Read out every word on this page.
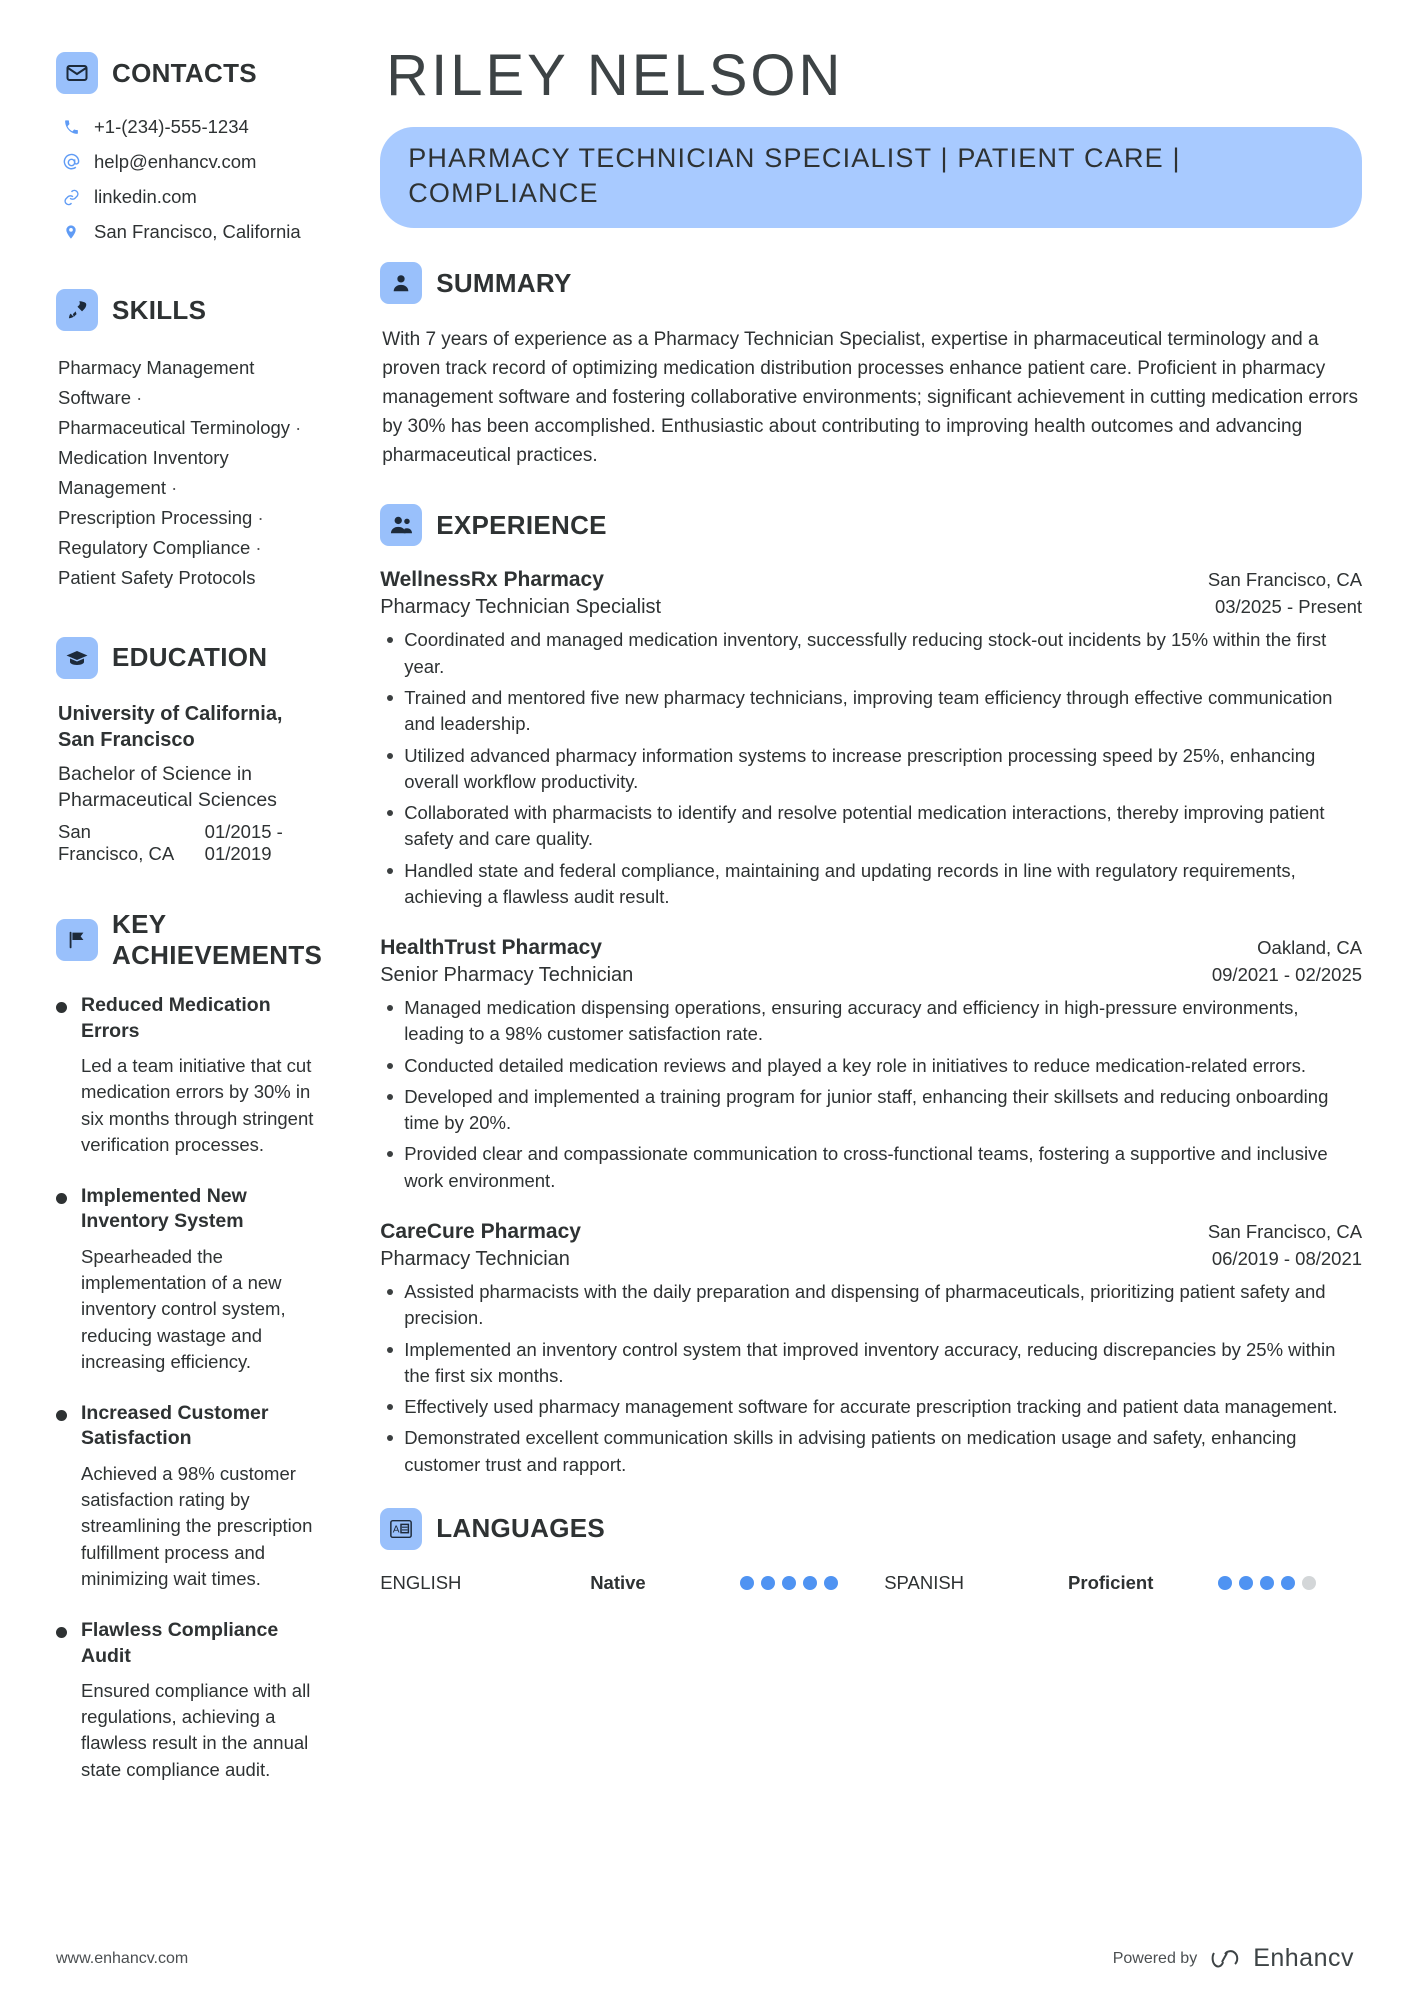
CONTACTS
+1-(234)-555-1234
help@enhancv.com
linkedin.com
San Francisco, California
SKILLS
Pharmacy Management Software ·
Pharmaceutical Terminology ·
Medication Inventory Management ·
Prescription Processing ·
Regulatory Compliance ·
Patient Safety Protocols
EDUCATION
University of California, San Francisco
Bachelor of Science in Pharmaceutical Sciences
San Francisco, CA
01/2015 - 01/2019
KEY ACHIEVEMENTS
Reduced Medication Errors
Led a team initiative that cut medication errors by 30% in six months through stringent verification processes.
Implemented New Inventory System
Spearheaded the implementation of a new inventory control system, reducing wastage and increasing efficiency.
Increased Customer Satisfaction
Achieved a 98% customer satisfaction rating by streamlining the prescription fulfillment process and minimizing wait times.
Flawless Compliance Audit
Ensured compliance with all regulations, achieving a flawless result in the annual state compliance audit.
RILEY NELSON
PHARMACY TECHNICIAN SPECIALIST | PATIENT CARE | COMPLIANCE
SUMMARY
With 7 years of experience as a Pharmacy Technician Specialist, expertise in pharmaceutical terminology and a proven track record of optimizing medication distribution processes enhance patient care. Proficient in pharmacy management software and fostering collaborative environments; significant achievement in cutting medication errors by 30% has been accomplished. Enthusiastic about contributing to improving health outcomes and advancing pharmaceutical practices.
EXPERIENCE
WellnessRx Pharmacy	San Francisco, CA
Pharmacy Technician Specialist	03/2025 - Present
Coordinated and managed medication inventory, successfully reducing stock-out incidents by 15% within the first year.
Trained and mentored five new pharmacy technicians, improving team efficiency through effective communication and leadership.
Utilized advanced pharmacy information systems to increase prescription processing speed by 25%, enhancing overall workflow productivity.
Collaborated with pharmacists to identify and resolve potential medication interactions, thereby improving patient safety and care quality.
Handled state and federal compliance, maintaining and updating records in line with regulatory requirements, achieving a flawless audit result.
HealthTrust Pharmacy	Oakland, CA
Senior Pharmacy Technician	09/2021 - 02/2025
Managed medication dispensing operations, ensuring accuracy and efficiency in high-pressure environments, leading to a 98% customer satisfaction rate.
Conducted detailed medication reviews and played a key role in initiatives to reduce medication-related errors.
Developed and implemented a training program for junior staff, enhancing their skillsets and reducing onboarding time by 20%.
Provided clear and compassionate communication to cross-functional teams, fostering a supportive and inclusive work environment.
CareCure Pharmacy	San Francisco, CA
Pharmacy Technician	06/2019 - 08/2021
Assisted pharmacists with the daily preparation and dispensing of pharmaceuticals, prioritizing patient safety and precision.
Implemented an inventory control system that improved inventory accuracy, reducing discrepancies by 25% within the first six months.
Effectively used pharmacy management software for accurate prescription tracking and patient data management.
Demonstrated excellent communication skills in advising patients on medication usage and safety, enhancing customer trust and rapport.
A LANGUAGES
ENGLISH	Native	SPANISH	Proficient
www.enhancv.com	Powered by Enhancv
